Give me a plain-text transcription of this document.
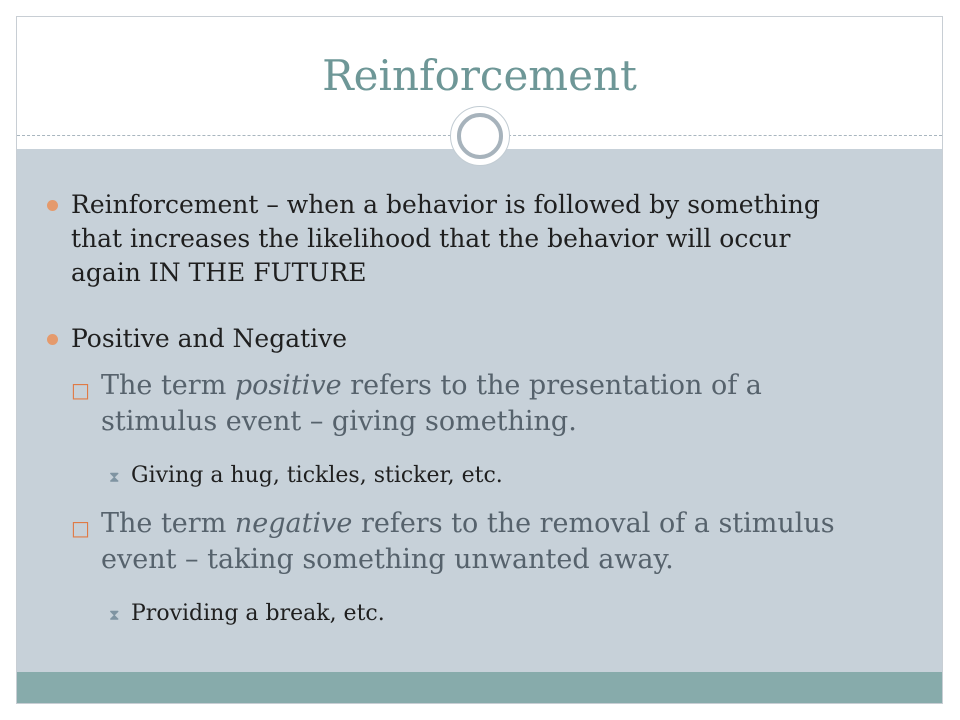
Reinforcement
Reinforcement – when a behavior is followed by something that increases the likelihood that the behavior will occur again IN THE FUTURE
Positive and Negative
□ The term positive refers to the presentation of a stimulus event – giving something.
⧗ Giving a hug, tickles, sticker, etc.
□ The term negative refers to the removal of a stimulus event – taking something unwanted away.
⧗ Providing a break, etc.
